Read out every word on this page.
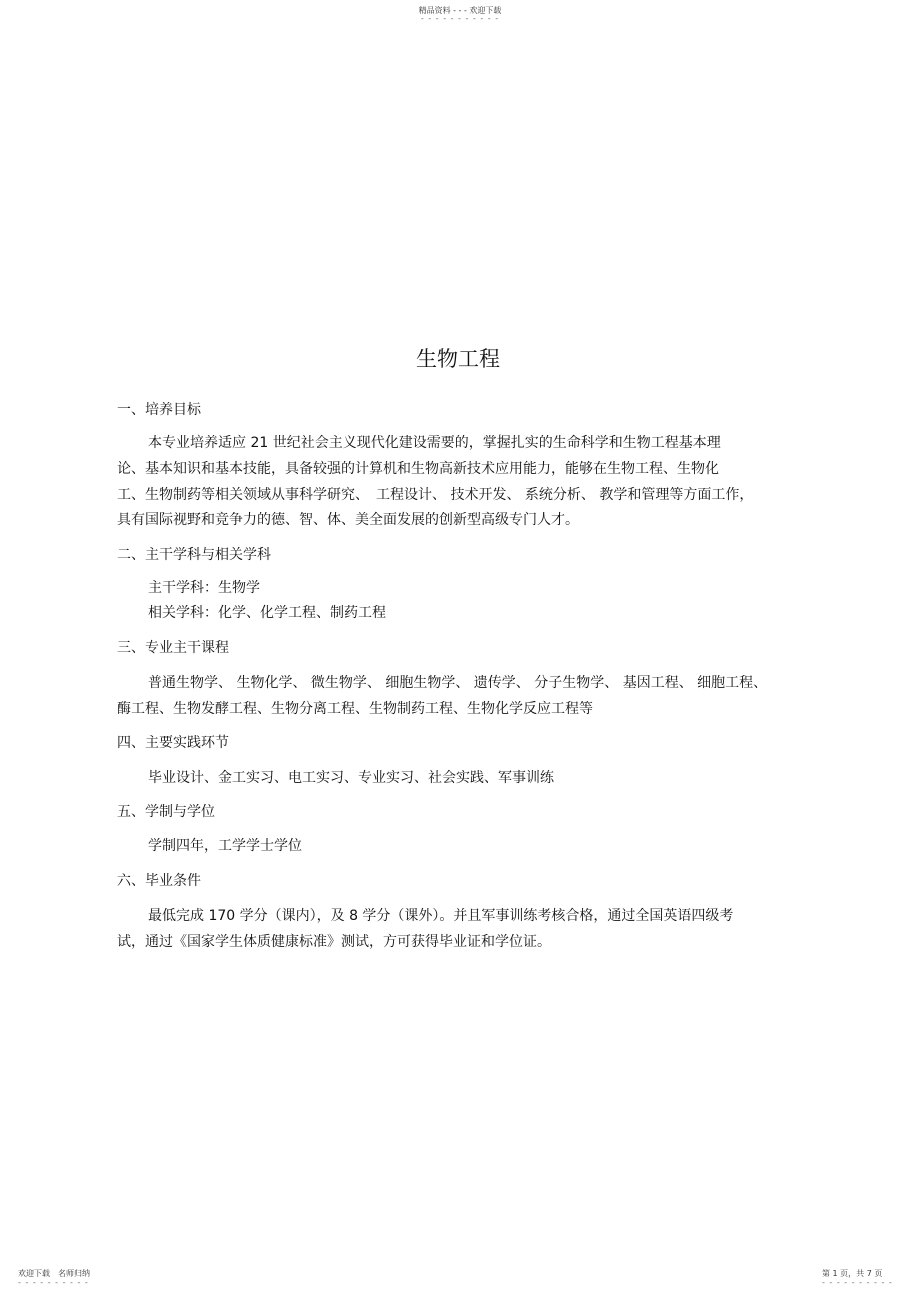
精品资料 - - - 欢迎下载
- - - - - - - - - - -
生物工程
一、培养目标
本专业培养适应 21 世纪社会主义现代化建设需要的，掌握扎实的生命科学和生物工程基本理
论、基本知识和基本技能，具备较强的计算机和生物高新技术应用能力，能够在生物工程、生物化
工、生物制药等相关领域从事科学研究、　工程设计、 技术开发、 系统分析、 教学和管理等方面工作，
具有国际视野和竞争力的德、智、体、美全面发展的创新型高级专门人才。
二、主干学科与相关学科
主干学科：生物学
相关学科：化学、化学工程、制药工程
三、专业主干课程
普通生物学、 生物化学、 微生物学、 细胞生物学、 遗传学、 分子生物学、 基因工程、 细胞工程、
酶工程、生物发酵工程、生物分离工程、生物制药工程、生物化学反应工程等
四、主要实践环节
毕业设计、金工实习、电工实习、专业实习、社会实践、军事训练
五、学制与学位
学制四年，工学学士学位
六、毕业条件
最低完成 170 学分（课内），及 8 学分（课外）。并且军事训练考核合格，通过全国英语四级考
试，通过《国家学生体质健康标准》测试，方可获得毕业证和学位证。
欢迎下载　名师归纳
- - - - - - - - - -
第 1 页，共 7 页
- - - - - - - - - -
